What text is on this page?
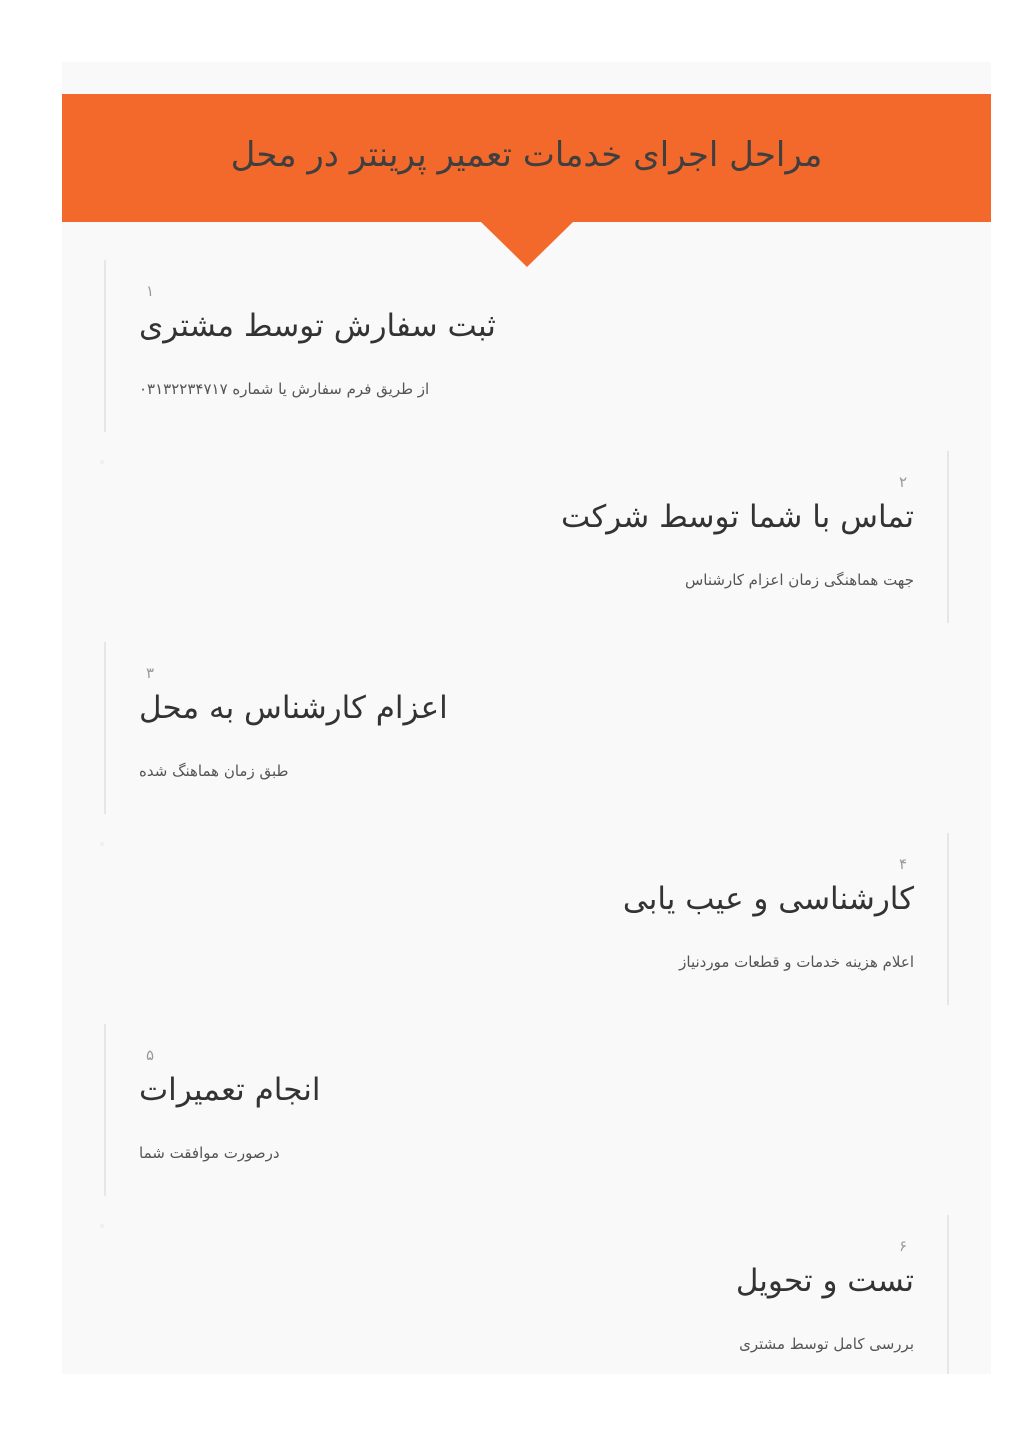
مراحل اجرای خدمات تعمیر پرینتر در محل
۱
ثبت سفارش توسط مشتری
از طریق فرم سفارش یا شماره ۰۳۱۳۲۲۳۴۷۱۷
۲
تماس با شما توسط شرکت
جهت هماهنگی زمان اعزام کارشناس
۳
اعزام کارشناس به محل
طبق زمان هماهنگ شده
۴
کارشناسی و عیب یابی
اعلام هزینه خدمات و قطعات موردنیاز
۵
انجام تعمیرات
درصورت موافقت شما
۶
تست و تحویل
بررسی کامل توسط مشتری
